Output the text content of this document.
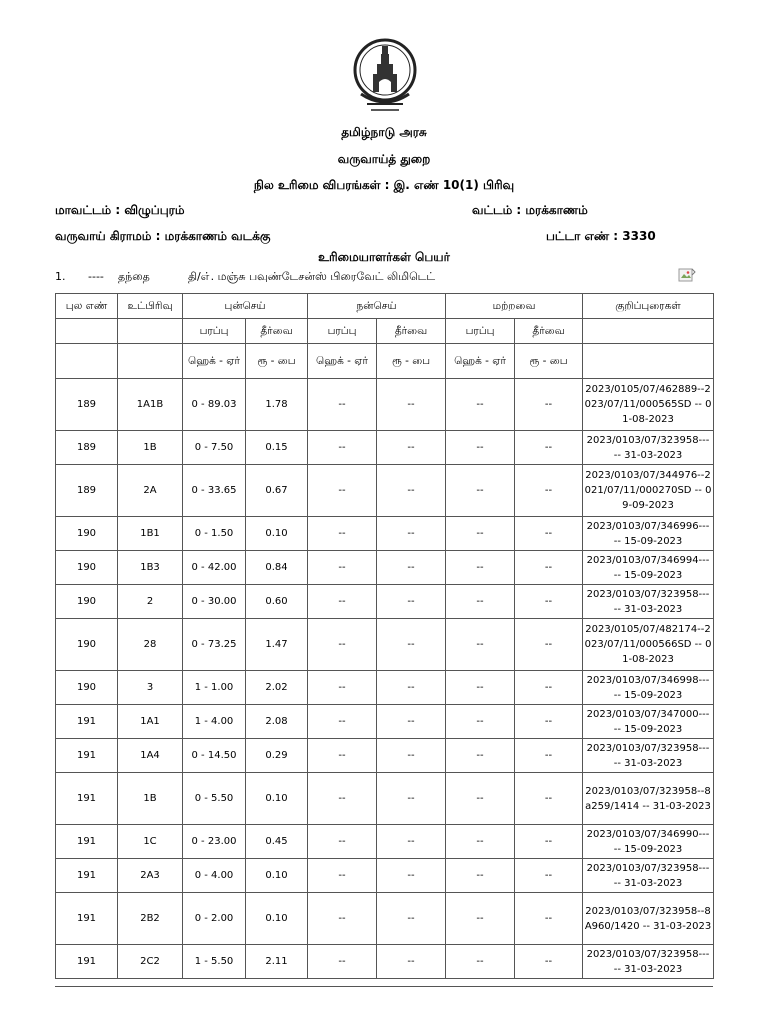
தமிழ்நாடு அரசு
வருவாய்த் துறை
நில உரிமை விபரங்கள் : இ. எண் 10(1) பிரிவு
மாவட்டம் : விழுப்புரம்	வட்டம் : மரக்காணம்
வருவாய் கிராமம் : மரக்காணம் வடக்கு	பட்டா எண் : 3330
உரிமையாளர்கள் பெயர்
1. ---- தந்தை	தி/எ். மஞ்சு பவுண்டேசன்ஸ் பிரைவேட் லிமிடெட்
புல எண்	உட்பிரிவு	புன்செய்		நன்செய்		மற்றவை		குறிப்புரைகள்
		பரப்பு	தீர்வை	பரப்பு	தீர்வை	பரப்பு	தீர்வை	
		ஹெக் - ஏர்	ரூ - பை	ஹெக் - ஏர்	ரூ - பை	ஹெக் - ஏர்	ரூ - பை	
189	1A1B	0 - 89.03	1.78	--	--	--	--	2023/0105/07/462889--2023/07/11/000565SD -- 01-08-2023
189	1B	0 - 7.50	0.15	--	--	--	--	2023/0103/07/323958--- -- 31-03-2023
189	2A	0 - 33.65	0.67	--	--	--	--	2023/0103/07/344976--2021/07/11/000270SD -- 09-09-2023
190	1B1	0 - 1.50	0.10	--	--	--	--	2023/0103/07/346996--- -- 15-09-2023
190	1B3	0 - 42.00	0.84	--	--	--	--	2023/0103/07/346994--- -- 15-09-2023
190	2	0 - 30.00	0.60	--	--	--	--	2023/0103/07/323958--- -- 31-03-2023
190	28	0 - 73.25	1.47	--	--	--	--	2023/0105/07/482174--2023/07/11/000566SD -- 01-08-2023
190	3	1 - 1.00	2.02	--	--	--	--	2023/0103/07/346998--- -- 15-09-2023
191	1A1	1 - 4.00	2.08	--	--	--	--	2023/0103/07/347000--- -- 15-09-2023
191	1A4	0 - 14.50	0.29	--	--	--	--	2023/0103/07/323958--- -- 31-03-2023
191	1B	0 - 5.50	0.10	--	--	--	--	2023/0103/07/323958--8a259/1414 -- 31-03-2023
191	1C	0 - 23.00	0.45	--	--	--	--	2023/0103/07/346990--- -- 15-09-2023
191	2A3	0 - 4.00	0.10	--	--	--	--	2023/0103/07/323958--- -- 31-03-2023
191	2B2	0 - 2.00	0.10	--	--	--	--	2023/0103/07/323958--8A960/1420 -- 31-03-2023
191	2C2	1 - 5.50	2.11	--	--	--	--	2023/0103/07/323958--- -- 31-03-2023
